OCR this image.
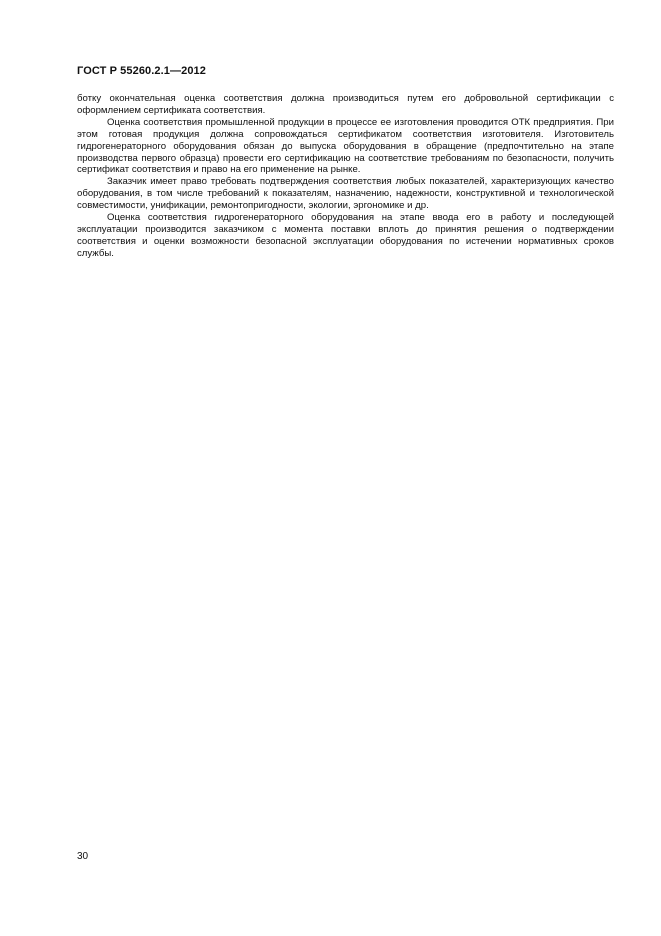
ГОСТ Р 55260.2.1—2012

ботку окончательная оценка соответствия должна производиться путем его добровольной сертификации с оформлением сертификата соответствия.

Оценка соответствия промышленной продукции в процессе ее изготовления проводится ОТК предприятия. При этом готовая продукция должна сопровождаться сертификатом соответствия изготовителя. Изготовитель гидрогенераторного оборудования обязан до выпуска оборудования в обращение (предпочтительно на этапе производства первого образца) провести его сертификацию на соответствие требованиям по безопасности, получить сертификат соответствия и право на его применение на рынке.

Заказчик имеет право требовать подтверждения соответствия любых показателей, характеризующих качество оборудования, в том числе требований к показателям, назначению, надежности, конструктивной и технологической совместимости, унификации, ремонтопригодности, экологии, эргономике и др.

Оценка соответствия гидрогенераторного оборудования на этапе ввода его в работу и последующей эксплуатации производится заказчиком с момента поставки вплоть до принятия решения о подтверждении соответствия и оценки возможности безопасной эксплуатации оборудования по истечении нормативных сроков службы.

30
